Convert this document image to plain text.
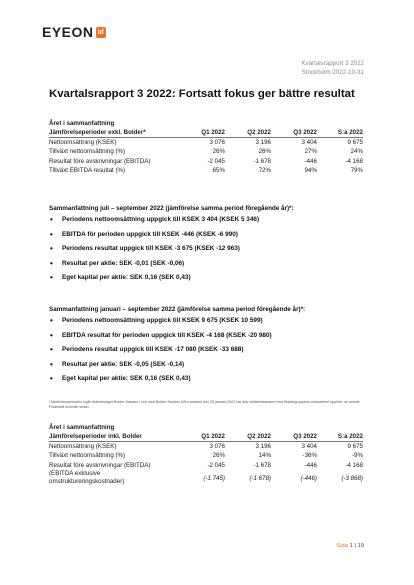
EYEON id
Kvartalsrapport 3 2022
Stockholm 2022-10-31
Kvartalsrapport 3 2022: Fortsatt fokus ger bättre resultat
Året i sammanfattning
Jämförelseperioder exkl. Bolder*	Q1 2022	Q2 2022	Q3 2022	S:a 2022
Nettoomsättning (KSEK)	3 076	3 196	3 404	9 675
Tillväxt nettoomsättning (%)	26%	26%	27%	24%
Resultat före avskrivningar (EBITDA)	-2 045	-1 678	-446	-4 168
Tillväxt EBITDA resultat (%)	65%	72%	94%	79%
Sammanfattning juli – september 2022 (jämförelse samma period föregående år)*:
• Periodens nettoomsättning uppgick till KSEK 3 404 (KSEK 5 346)
• EBITDA för perioden uppgick till KSEK -446 (KSEK -6 990)
• Periodens resultat uppgick till KSEK -3 675 (KSEK -12 963)
• Resultat per aktie: SEK -0,01 (SEK -0,06)
• Eget kapital per aktie: SEK 0,16 (SEK 0,43)
Sammanfattning januari – september 2022 (jämförelse samma period föregående år)*:
• Periodens nettoomsättning uppgick till KSEK 9 675 (KSEK 10 599)
• EBITDA resultat för perioden uppgick till KSEK -4 168 (KSEK -20 980)
• Periodens resultat uppgick till KSEK -17 080 (KSEK -33 688)
• Resultat per aktie: SEK -0,05 (SEK -0,14)
• Eget kapital per aktie: SEK 0,16 (SEK 0,43)
*Jämförelseperioden ingår dotterbolaget Bolder Sweden i och med Bolder Sweden AB:s konkurs den 25 januari 2022 har alla mellanhavanden med Boldergruppens verksamhet upphört, se avsnitt Finansiell översikt nedan.
Året i sammanfattning
Jämförelseperioder inkl. Bolder	Q1 2022	Q2 2022	Q3 2022	S:a 2022
Nettoomsättning (KSEK)	3 076	3 196	3 404	9 675
Tillväxt nettoomsättning (%)	26%	14%	-36%	-9%
Resultat före avskrivningar (EBITDA)	-2 045	-1 678	-446	-4 168
(EBITDA exklusive
omstruktureringskostnader)	(-1 745)	(-1 678)	(-446)	(-3 868)
Sida 1 | 19
